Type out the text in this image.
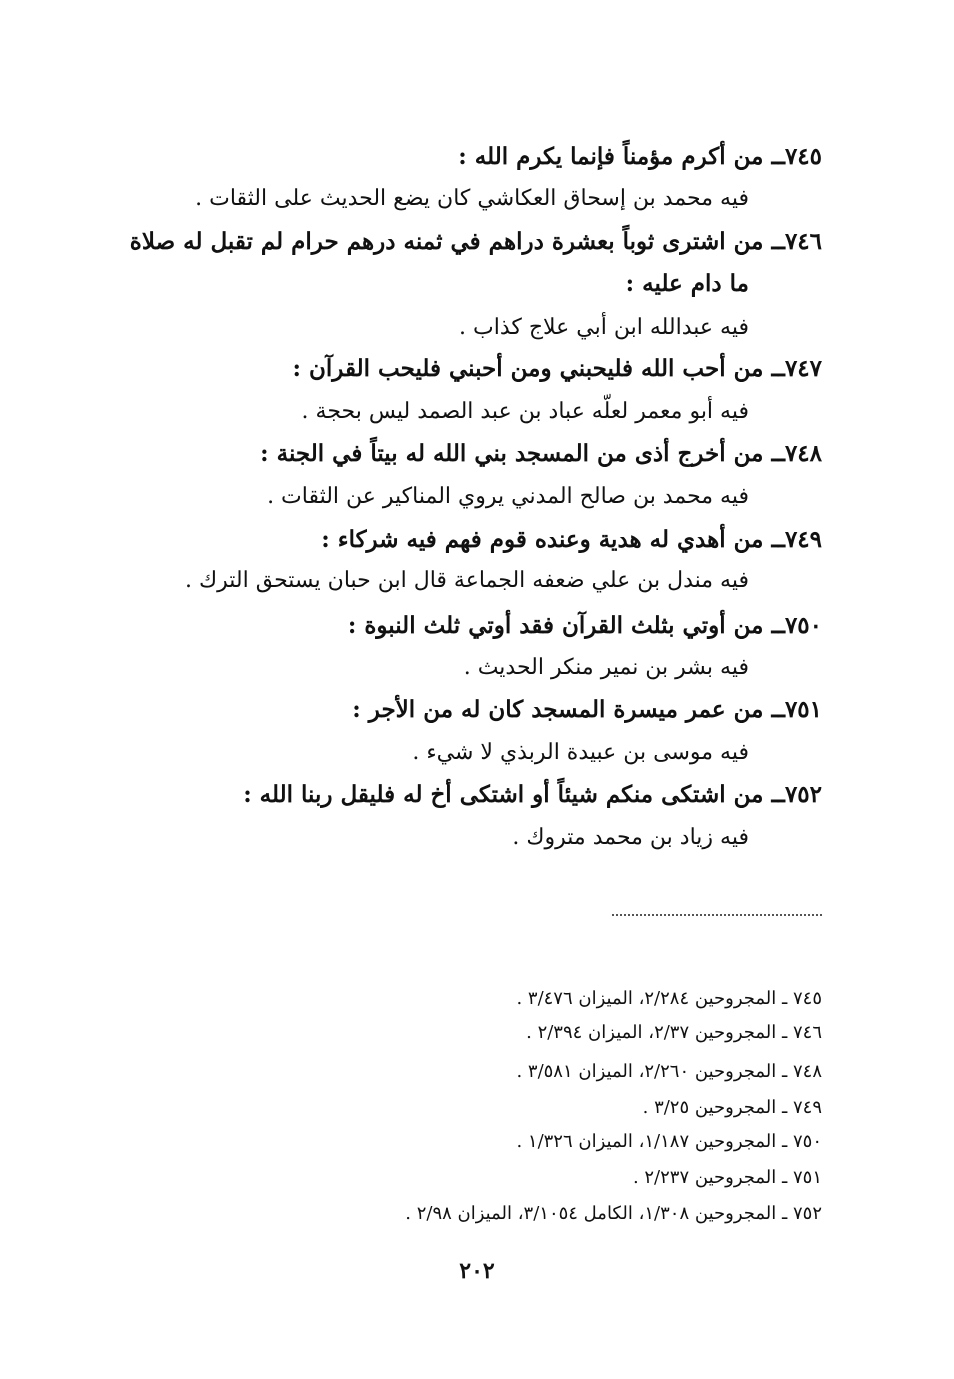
٧٤٥ــ من أكرم مؤمناً فإنما يكرم الله :
فيه محمد بن إسحاق العكاشي كان يضع الحديث على الثقات .
٧٤٦ــ من اشترى ثوباً بعشرة دراهم في ثمنه درهم حرام لم تقبل له صلاة
ما دام عليه :
فيه عبدالله ابن أبي علاج كذاب .
٧٤٧ــ من أحب الله فليحبني ومن أحبني فليحب القرآن :
فيه أبو معمر لعلّه عباد بن عبد الصمد ليس بحجة .
٧٤٨ــ من أخرج أذى من المسجد بني الله له بيتاً في الجنة :
فيه محمد بن صالح المدني يروي المناكير عن الثقات .
٧٤٩ــ من أهدي له هدية وعنده قوم فهم فيه شركاء :
فيه مندل بن علي ضعفه الجماعة قال ابن حبان يستحق الترك .
٧٥٠ــ من أوتي بثلث القرآن فقد أوتي ثلث النبوة :
فيه بشر بن نمير منكر الحديث .
٧٥١ــ من عمر ميسرة المسجد كان له من الأجر :
فيه موسى بن عبيدة الربذي لا شيء .
٧٥٢ــ من اشتكى منكم شيئاً أو اشتكى أخ له فليقل ربنا الله :
فيه زياد بن محمد متروك .
٧٤٥ ـ المجروحين ٢/٢٨٤، الميزان ٣/٤٧٦ .
٧٤٦ ـ المجروحين ٢/٣٧، الميزان ٢/٣٩٤ .
٧٤٨ ـ المجروحين ٢/٢٦٠، الميزان ٣/٥٨١ .
٧٤٩ ـ المجروحين ٣/٢٥ .
٧٥٠ ـ المجروحين ١/١٨٧، الميزان ١/٣٢٦ .
٧٥١ ـ المجروحين ٢/٢٣٧ .
٧٥٢ ـ المجروحين ١/٣٠٨، الكامل ٣/١٠٥٤، الميزان ٢/٩٨ .
٢٠٢
